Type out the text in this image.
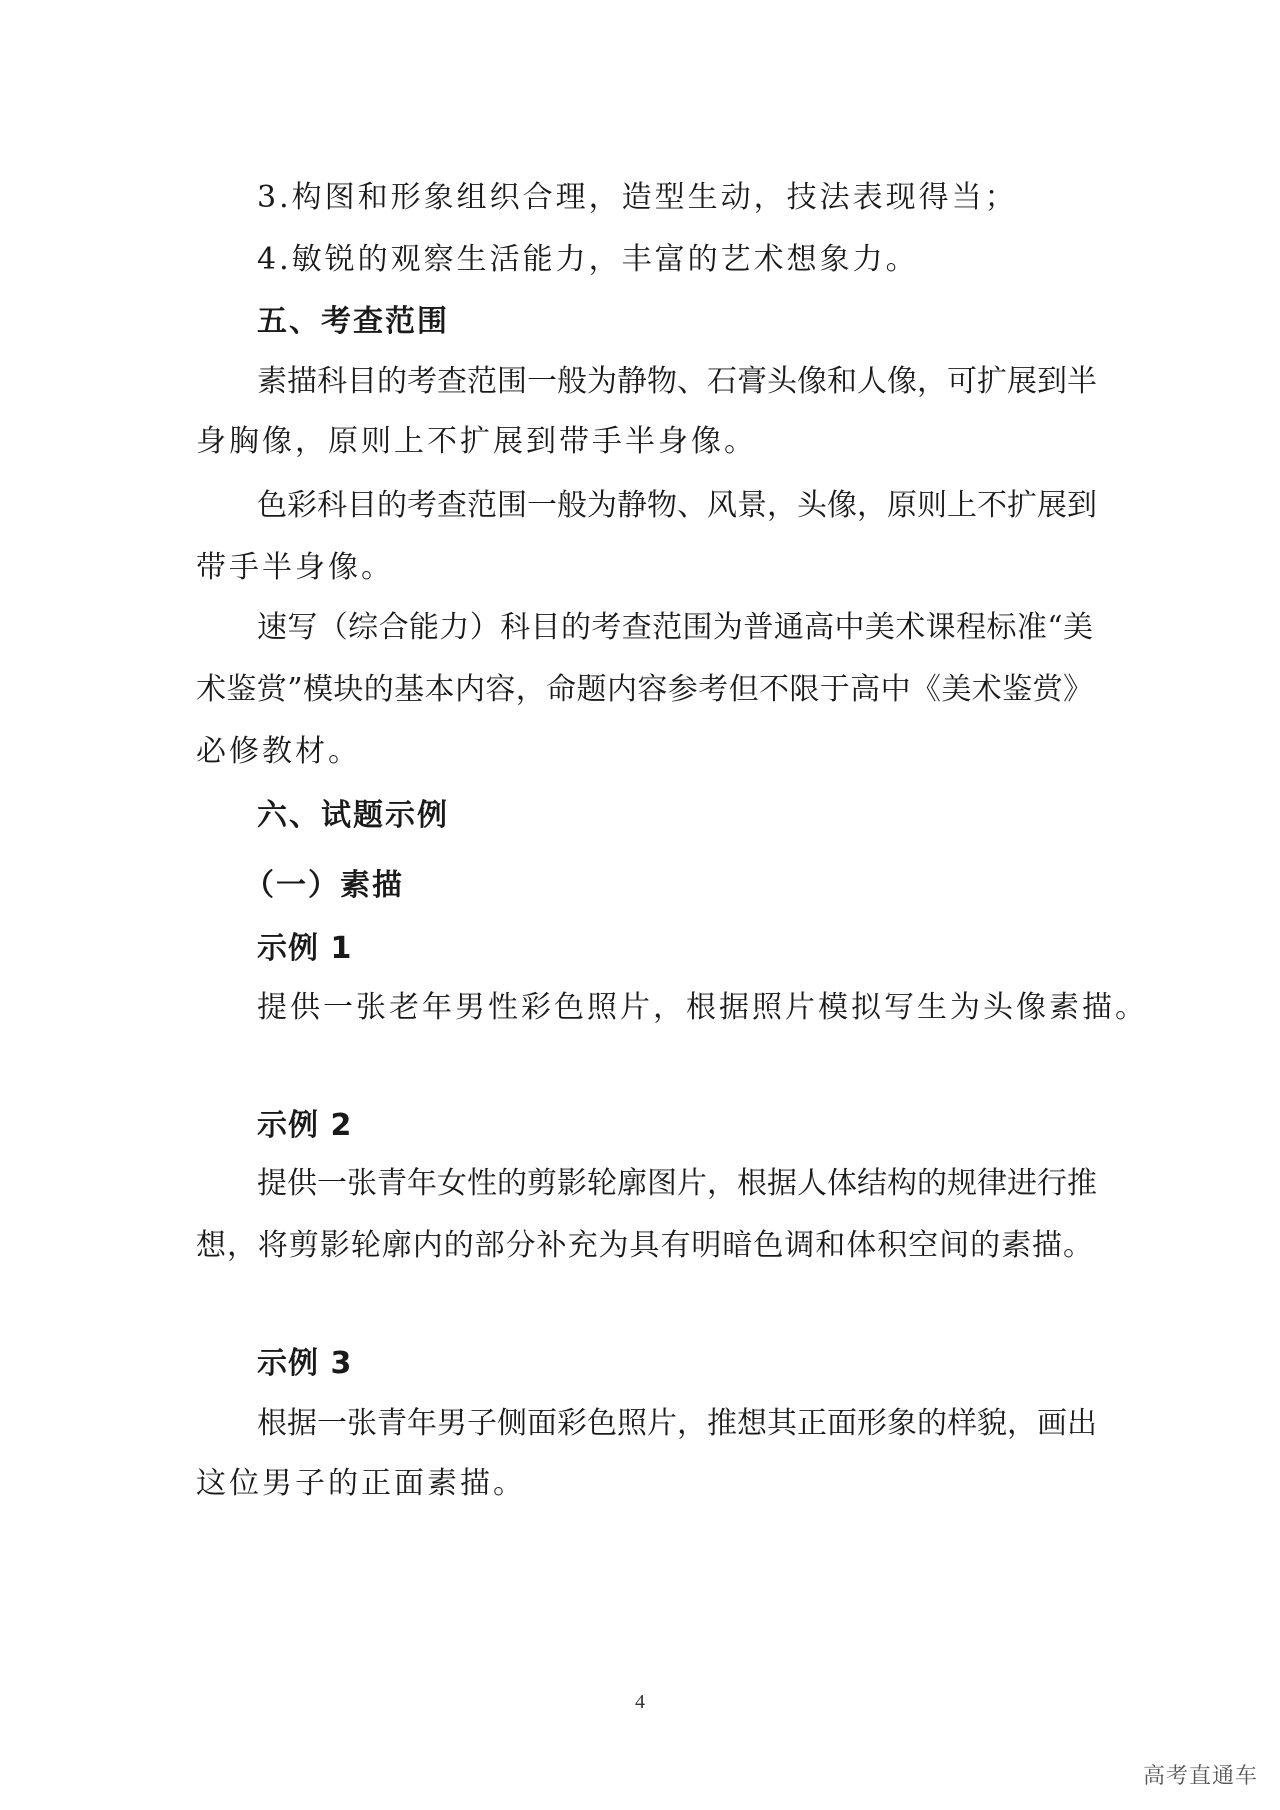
3.构图和形象组织合理，造型生动，技法表现得当；
4.敏锐的观察生活能力，丰富的艺术想象力。
五、考查范围
素描科目的考查范围一般为静物、石膏头像和人像，可扩展到半
身胸像，原则上不扩展到带手半身像。
色彩科目的考查范围一般为静物、风景，头像，原则上不扩展到
带手半身像。
速写（综合能力）科目的考查范围为普通高中美术课程标准“美
术鉴赏”模块的基本内容，命题内容参考但不限于高中《美术鉴赏》
必修教材。
六、试题示例
（一）素描
示例 1
提供一张老年男性彩色照片，根据照片模拟写生为头像素描。
示例 2
提供一张青年女性的剪影轮廓图片，根据人体结构的规律进行推
想，将剪影轮廓内的部分补充为具有明暗色调和体积空间的素描。
示例 3
根据一张青年男子侧面彩色照片，推想其正面形象的样貌，画出
这位男子的正面素描。
4
高考直通车
